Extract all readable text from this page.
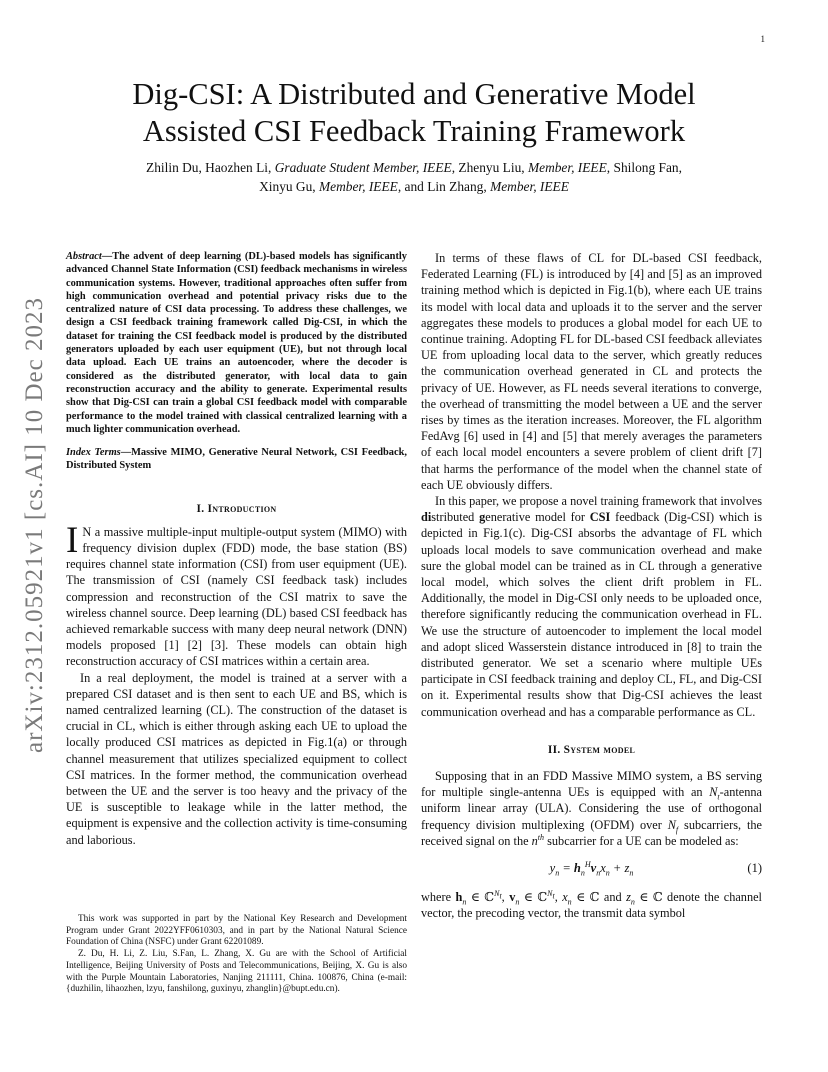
1
arXiv:2312.05921v1 [cs.AI] 10 Dec 2023
Dig-CSI: A Distributed and Generative Model
Assisted CSI Feedback Training Framework
Zhilin Du, Haozhen Li, Graduate Student Member, IEEE, Zhenyu Liu, Member, IEEE, Shilong Fan,
Xinyu Gu, Member, IEEE, and Lin Zhang, Member, IEEE

Abstract—The advent of deep learning (DL)-based models has significantly advanced Channel State Information (CSI) feedback mechanisms in wireless communication systems. However, traditional approaches often suffer from high communication overhead and potential privacy risks due to the centralized nature of CSI data processing. To address these challenges, we design a CSI feedback training framework called Dig-CSI, in which the dataset for training the CSI feedback model is produced by the distributed generators uploaded by each user equipment (UE), but not through local data upload. Each UE trains an autoencoder, where the decoder is considered as the distributed generator, with local data to gain reconstruction accuracy and the ability to generate. Experimental results show that Dig-CSI can train a global CSI feedback model with comparable performance to the model trained with classical centralized learning with a much lighter communication overhead.

Index Terms—Massive MIMO, Generative Neural Network, CSI Feedback, Distributed System

I. Introduction

I N a massive multiple-input multiple-output system (MIMO) with frequency division duplex (FDD) mode, the base station (BS) requires channel state information (CSI) from user equipment (UE). The transmission of CSI (namely CSI feedback task) includes compression and reconstruction of the CSI matrix to save the wireless channel source. Deep learning (DL) based CSI feedback has achieved remarkable success with many deep neural network (DNN) models proposed [1] [2] [3]. These models can obtain high reconstruction accuracy of CSI matrices within a certain area.

In a real deployment, the model is trained at a server with a prepared CSI dataset and is then sent to each UE and BS, which is named centralized learning (CL). The construction of the dataset is crucial in CL, which is either through asking each UE to upload the locally produced CSI matrices as depicted in Fig.1(a) or through channel measurement that utilizes specialized equipment to collect CSI matrices. In the former method, the communication overhead between the UE and the server is too heavy and the privacy of the UE is susceptible to leakage while in the latter method, the equipment is expensive and the collection activity is time-consuming and laborious.

This work was supported in part by the National Key Research and Development Program under Grant 2022YFF0610303, and in part by the National Natural Science Foundation of China (NSFC) under Grant 62201089.

Z. Du, H. Li, Z. Liu, S.Fan, L. Zhang, X. Gu are with the School of Artificial Intelligence, Beijing University of Posts and Telecommunications, Beijing, X. Gu is also with the Purple Mountain Laboratories, Nanjing 211111, China. 100876, China (e-mail: {duzhilin, lihaozhen, lzyu, fanshilong, guxinyu, zhanglin}@bupt.edu.cn).

In terms of these flaws of CL for DL-based CSI feedback, Federated Learning (FL) is introduced by [4] and [5] as an improved training method which is depicted in Fig.1(b), where each UE trains its model with local data and uploads it to the server and the server aggregates these models to produces a global model for each UE to continue training. Adopting FL for DL-based CSI feedback alleviates UE from uploading local data to the server, which greatly reduces the communication overhead generated in CL and protects the privacy of UE. However, as FL needs several iterations to converge, the overhead of transmitting the model between a UE and the server rises by times as the iteration increases. Moreover, the FL algorithm FedAvg [6] used in [4] and [5] that merely averages the parameters of each local model encounters a severe problem of client drift [7] that harms the performance of the model when the channel state of each UE obviously differs.

In this paper, we propose a novel training framework that involves distributed generative model for CSI feedback (Dig-CSI) which is depicted in Fig.1(c). Dig-CSI absorbs the advantage of FL which uploads local models to save communication overhead and make sure the global model can be trained as in CL through a generative local model, which solves the client drift problem in FL. Additionally, the model in Dig-CSI only needs to be uploaded once, therefore significantly reducing the communication overhead in FL. We use the structure of autoencoder to implement the local model and adopt sliced Wasserstein distance introduced in [8] to train the distributed generator. We set a scenario where multiple UEs participate in CSI feedback training and deploy CL, FL, and Dig-CSI on it. Experimental results show that Dig-CSI achieves the least communication overhead and has a comparable performance as CL.

II. System model

Supposing that in an FDD Massive MIMO system, a BS serving for multiple single-antenna UEs is equipped with an $N_t$-antenna uniform linear array (ULA). Considering the use of orthogonal frequency division multiplexing (OFDM) over $N_f$ subcarriers, the received signal on the $n^{th}$ subcarrier for a UE can be modeled as:

$y_n = h_n^Hv_nx_n + z_n$	(1)

where $h_n$ ∈ ℂ$^{N_t}$, $v_n$ ∈ ℂ$^{N_t}$, $x_n$ ∈ ℂ and $z_n$ ∈ ℂ denote the channel vector, the precoding vector, the transmit data symbol
